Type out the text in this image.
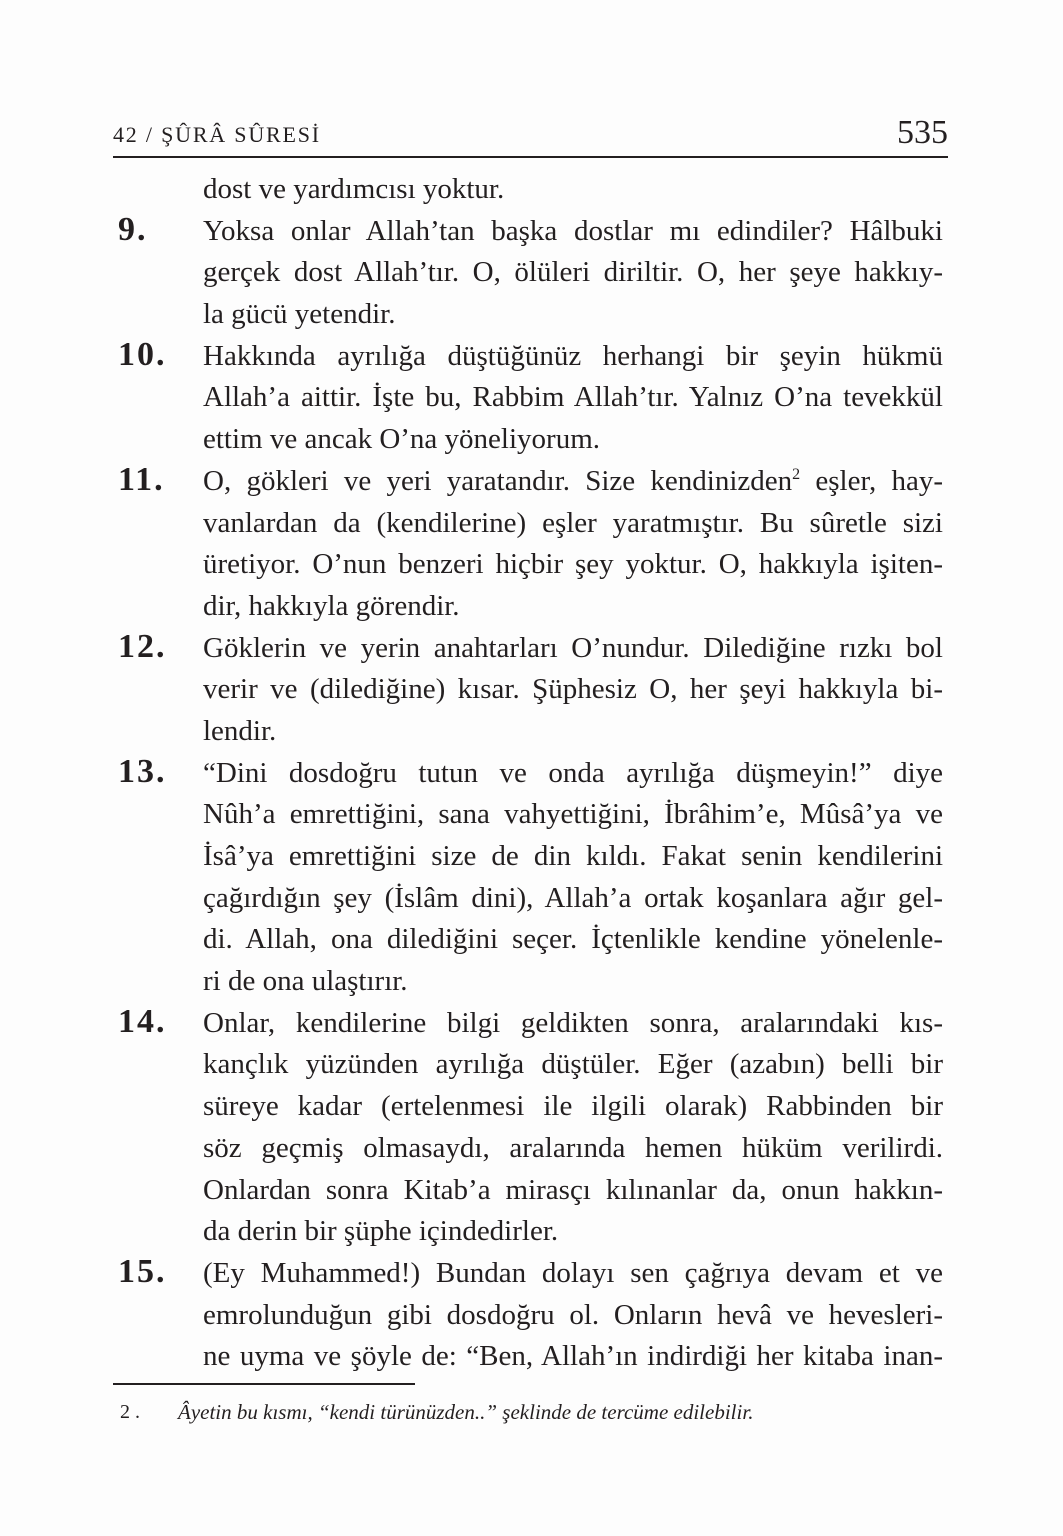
42 / ŞÛRÂ SÛRESİ	535
dost ve yardımcısı yoktur.
9. Yoksa onlar Allah’tan başka dostlar mı edindiler? Hâlbuki
gerçek dost Allah’tır. O, ölüleri diriltir. O, her şeye hakkıy-
la gücü yetendir.
10. Hakkında ayrılığa düştüğünüz herhangi bir şeyin hükmü
Allah’a aittir. İşte bu, Rabbim Allah’tır. Yalnız O’na tevekkül
ettim ve ancak O’na yöneliyorum.
11. O, gökleri ve yeri yaratandır. Size kendinizden$^2$ eşler, hay-
vanlardan da (kendilerine) eşler yaratmıştır. Bu sûretle sizi
üretiyor. O’nun benzeri hiçbir şey yoktur. O, hakkıyla işiten-
dir, hakkıyla görendir.
12. Göklerin ve yerin anahtarları O’nundur. Dilediğine rızkı bol
verir ve (dilediğine) kısar. Şüphesiz O, her şeyi hakkıyla bi-
lendir.
13. “Dini dosdoğru tutun ve onda ayrılığa düşmeyin!” diye
Nûh’a emrettiğini, sana vahyettiğini, İbrâhim’e, Mûsâ’ya ve
İsâ’ya emrettiğini size de din kıldı. Fakat senin kendilerini
çağırdığın şey (İslâm dini), Allah’a ortak koşanlara ağır gel-
di. Allah, ona dilediğini seçer. İçtenlikle kendine yönelenle-
ri de ona ulaştırır.
14. Onlar, kendilerine bilgi geldikten sonra, aralarındaki kıs-
kançlık yüzünden ayrılığa düştüler. Eğer (azabın) belli bir
süreye kadar (ertelenmesi ile ilgili olarak) Rabbinden bir
söz geçmiş olmasaydı, aralarında hemen hüküm verilirdi.
Onlardan sonra Kitab’a mirasçı kılınanlar da, onun hakkın-
da derin bir şüphe içindedirler.
15. (Ey Muhammed!) Bundan dolayı sen çağrıya devam et ve
emrolunduğun gibi dosdoğru ol. Onların hevâ ve hevesleri-
ne uyma ve şöyle de: “Ben, Allah’ın indirdiği her kitaba inan-
2 . Âyetin bu kısmı, “kendi türünüzden..” şeklinde de tercüme edilebilir.
